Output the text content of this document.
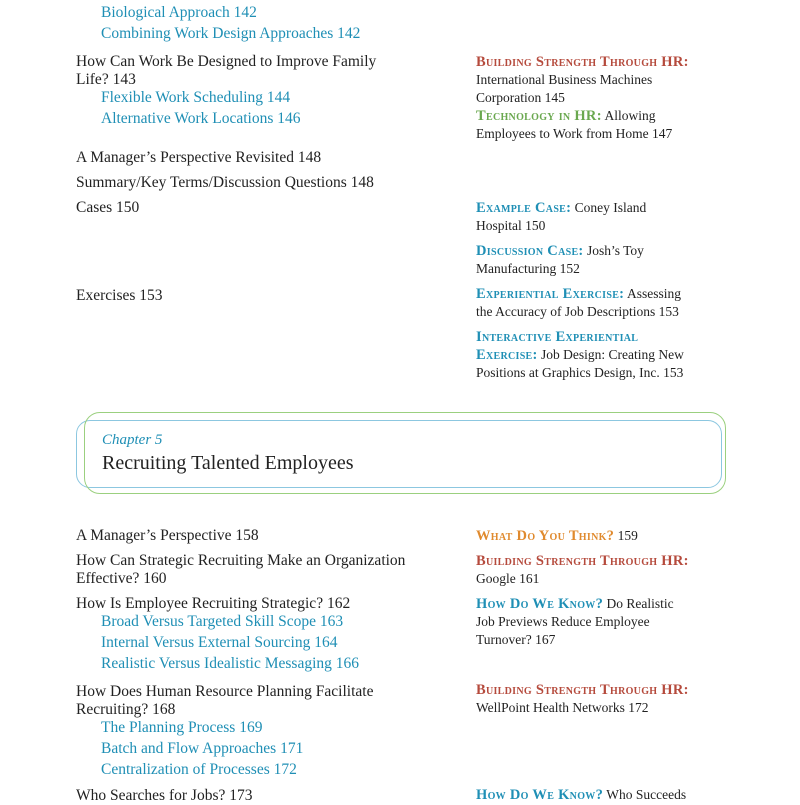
Biological Approach 142
Combining Work Design Approaches 142
How Can Work Be Designed to Improve Family
Life? 143
Flexible Work Scheduling 144
Alternative Work Locations 146
A Manager’s Perspective Revisited 148
Summary/Key Terms/Discussion Questions 148
Cases 150
Exercises 153
Building Strength Through HR:
International Business Machines
Corporation 145
Technology in HR: Allowing
Employees to Work from Home 147
Example Case: Coney Island
Hospital 150
Discussion Case: Josh’s Toy
Manufacturing 152
Experiential Exercise: Assessing
the Accuracy of Job Descriptions 153
Interactive Experiential
Exercise: Job Design: Creating New
Positions at Graphics Design, Inc. 153
Chapter 5
Recruiting Talented Employees
A Manager’s Perspective 158
How Can Strategic Recruiting Make an Organization
Effective? 160
How Is Employee Recruiting Strategic? 162
Broad Versus Targeted Skill Scope 163
Internal Versus External Sourcing 164
Realistic Versus Idealistic Messaging 166
How Does Human Resource Planning Facilitate
Recruiting? 168
The Planning Process 169
Batch and Flow Approaches 171
Centralization of Processes 172
Who Searches for Jobs? 173
What Do You Think? 159
Building Strength Through HR:
Google 161
How Do We Know? Do Realistic
Job Previews Reduce Employee
Turnover? 167
Building Strength Through HR:
WellPoint Health Networks 172
How Do We Know? Who Succeeds
